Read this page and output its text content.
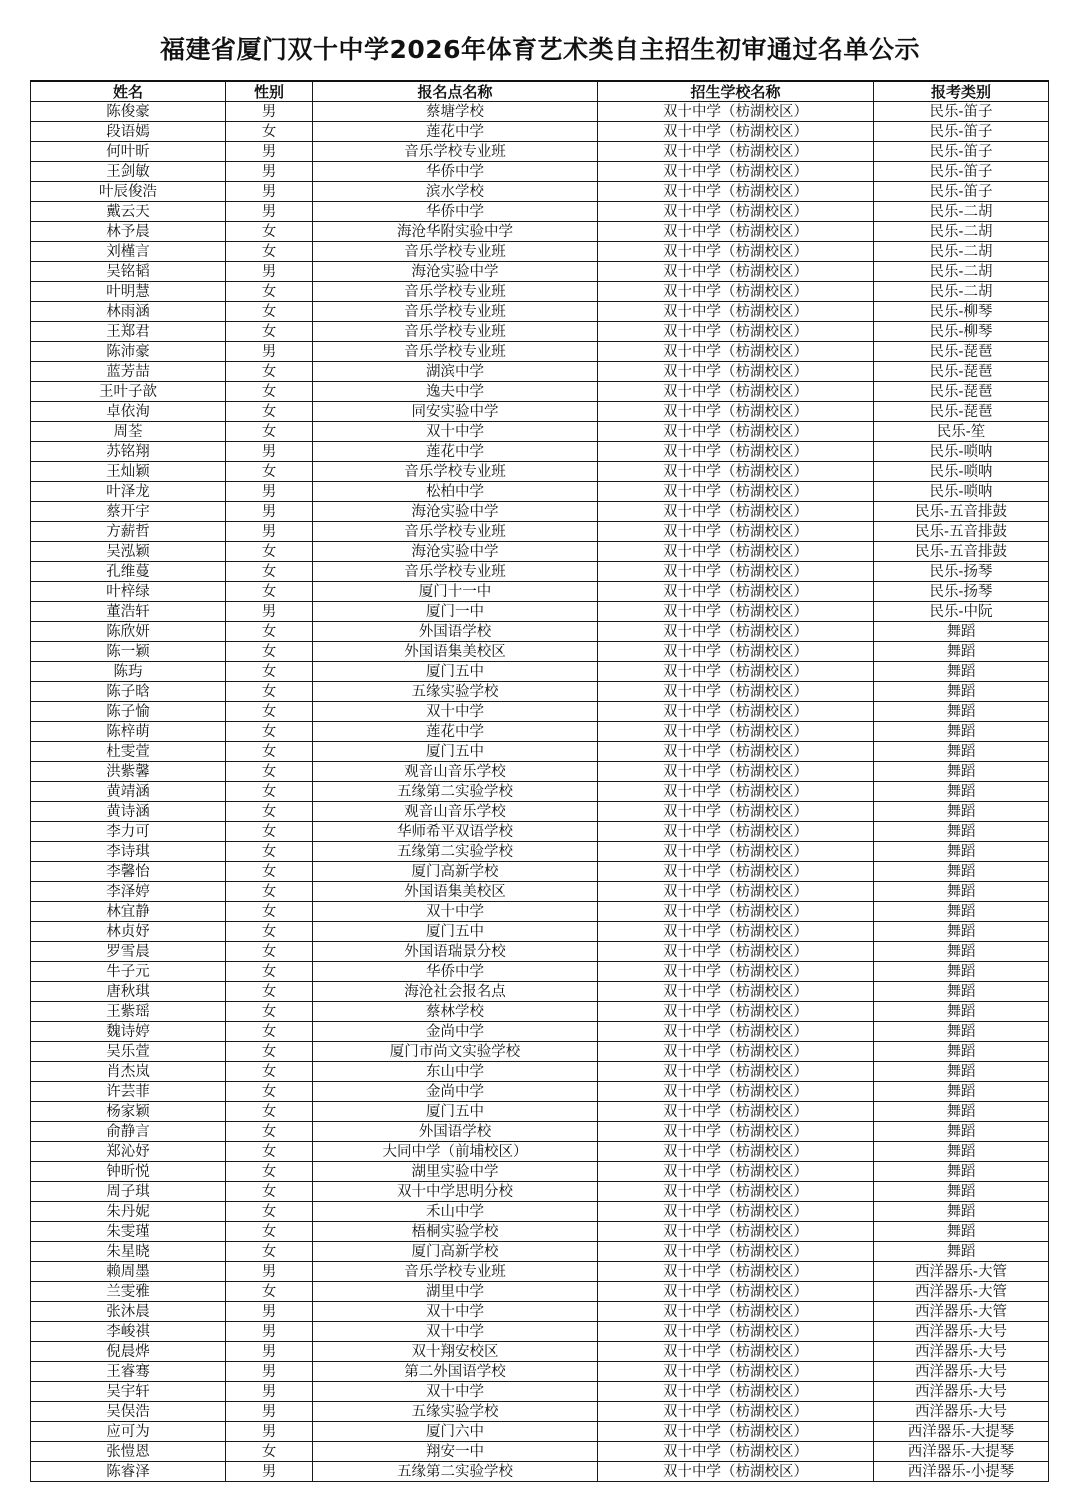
福建省厦门双十中学2026年体育艺术类自主招生初审通过名单公示
姓名	性别	报名点名称	招生学校名称	报考类别
陈俊豪	男	蔡塘学校	双十中学（枋湖校区）	民乐-笛子
段语嫣	女	莲花中学	双十中学（枋湖校区）	民乐-笛子
何叶昕	男	音乐学校专业班	双十中学（枋湖校区）	民乐-笛子
王剑敏	男	华侨中学	双十中学（枋湖校区）	民乐-笛子
叶辰俊浩	男	滨水学校	双十中学（枋湖校区）	民乐-笛子
戴云天	男	华侨中学	双十中学（枋湖校区）	民乐-二胡
林予晨	女	海沧华附实验中学	双十中学（枋湖校区）	民乐-二胡
刘槿言	女	音乐学校专业班	双十中学（枋湖校区）	民乐-二胡
吴铭韬	男	海沧实验中学	双十中学（枋湖校区）	民乐-二胡
叶明慧	女	音乐学校专业班	双十中学（枋湖校区）	民乐-二胡
林雨涵	女	音乐学校专业班	双十中学（枋湖校区）	民乐-柳琴
王郑君	女	音乐学校专业班	双十中学（枋湖校区）	民乐-柳琴
陈沛豪	男	音乐学校专业班	双十中学（枋湖校区）	民乐-琵琶
蓝芳喆	女	湖滨中学	双十中学（枋湖校区）	民乐-琵琶
王叶子歆	女	逸夫中学	双十中学（枋湖校区）	民乐-琵琶
卓依洵	女	同安实验中学	双十中学（枋湖校区）	民乐-琵琶
周荃	女	双十中学	双十中学（枋湖校区）	民乐-笙
苏铭翔	男	莲花中学	双十中学（枋湖校区）	民乐-唢呐
王灿颖	女	音乐学校专业班	双十中学（枋湖校区）	民乐-唢呐
叶泽龙	男	松柏中学	双十中学（枋湖校区）	民乐-唢呐
蔡开宇	男	海沧实验中学	双十中学（枋湖校区）	民乐-五音排鼓
方薪哲	男	音乐学校专业班	双十中学（枋湖校区）	民乐-五音排鼓
吴泓颖	女	海沧实验中学	双十中学（枋湖校区）	民乐-五音排鼓
孔维蔓	女	音乐学校专业班	双十中学（枋湖校区）	民乐-扬琴
叶梓绿	女	厦门十一中	双十中学（枋湖校区）	民乐-扬琴
董浩轩	男	厦门一中	双十中学（枋湖校区）	民乐-中阮
陈欣妍	女	外国语学校	双十中学（枋湖校区）	舞蹈
陈一颖	女	外国语集美校区	双十中学（枋湖校区）	舞蹈
陈玙	女	厦门五中	双十中学（枋湖校区）	舞蹈
陈子晗	女	五缘实验学校	双十中学（枋湖校区）	舞蹈
陈子愉	女	双十中学	双十中学（枋湖校区）	舞蹈
陈梓萌	女	莲花中学	双十中学（枋湖校区）	舞蹈
杜雯萱	女	厦门五中	双十中学（枋湖校区）	舞蹈
洪紫馨	女	观音山音乐学校	双十中学（枋湖校区）	舞蹈
黄靖涵	女	五缘第二实验学校	双十中学（枋湖校区）	舞蹈
黄诗涵	女	观音山音乐学校	双十中学（枋湖校区）	舞蹈
李力可	女	华师希平双语学校	双十中学（枋湖校区）	舞蹈
李诗琪	女	五缘第二实验学校	双十中学（枋湖校区）	舞蹈
李馨怡	女	厦门高新学校	双十中学（枋湖校区）	舞蹈
李泽婷	女	外国语集美校区	双十中学（枋湖校区）	舞蹈
林宜静	女	双十中学	双十中学（枋湖校区）	舞蹈
林贞妤	女	厦门五中	双十中学（枋湖校区）	舞蹈
罗雪晨	女	外国语瑞景分校	双十中学（枋湖校区）	舞蹈
牛子元	女	华侨中学	双十中学（枋湖校区）	舞蹈
唐秋琪	女	海沧社会报名点	双十中学（枋湖校区）	舞蹈
王紫瑶	女	蔡林学校	双十中学（枋湖校区）	舞蹈
魏诗婷	女	金尚中学	双十中学（枋湖校区）	舞蹈
吴乐萱	女	厦门市尚文实验学校	双十中学（枋湖校区）	舞蹈
肖杰岚	女	东山中学	双十中学（枋湖校区）	舞蹈
许芸菲	女	金尚中学	双十中学（枋湖校区）	舞蹈
杨家颖	女	厦门五中	双十中学（枋湖校区）	舞蹈
俞静言	女	外国语学校	双十中学（枋湖校区）	舞蹈
郑沁妤	女	大同中学（前埔校区）	双十中学（枋湖校区）	舞蹈
钟昕悦	女	湖里实验中学	双十中学（枋湖校区）	舞蹈
周子琪	女	双十中学思明分校	双十中学（枋湖校区）	舞蹈
朱丹妮	女	禾山中学	双十中学（枋湖校区）	舞蹈
朱雯瑾	女	梧桐实验学校	双十中学（枋湖校区）	舞蹈
朱星晓	女	厦门高新学校	双十中学（枋湖校区）	舞蹈
赖周墨	男	音乐学校专业班	双十中学（枋湖校区）	西洋器乐-大管
兰雯雅	女	湖里中学	双十中学（枋湖校区）	西洋器乐-大管
张沐晨	男	双十中学	双十中学（枋湖校区）	西洋器乐-大管
李峻祺	男	双十中学	双十中学（枋湖校区）	西洋器乐-大号
倪晨烨	男	双十翔安校区	双十中学（枋湖校区）	西洋器乐-大号
王睿骞	男	第二外国语学校	双十中学（枋湖校区）	西洋器乐-大号
吴宇轩	男	双十中学	双十中学（枋湖校区）	西洋器乐-大号
吴俣浩	男	五缘实验学校	双十中学（枋湖校区）	西洋器乐-大号
应可为	男	厦门六中	双十中学（枋湖校区）	西洋器乐-大提琴
张愷恩	女	翔安一中	双十中学（枋湖校区）	西洋器乐-大提琴
陈睿泽	男	五缘第二实验学校	双十中学（枋湖校区）	西洋器乐-小提琴
